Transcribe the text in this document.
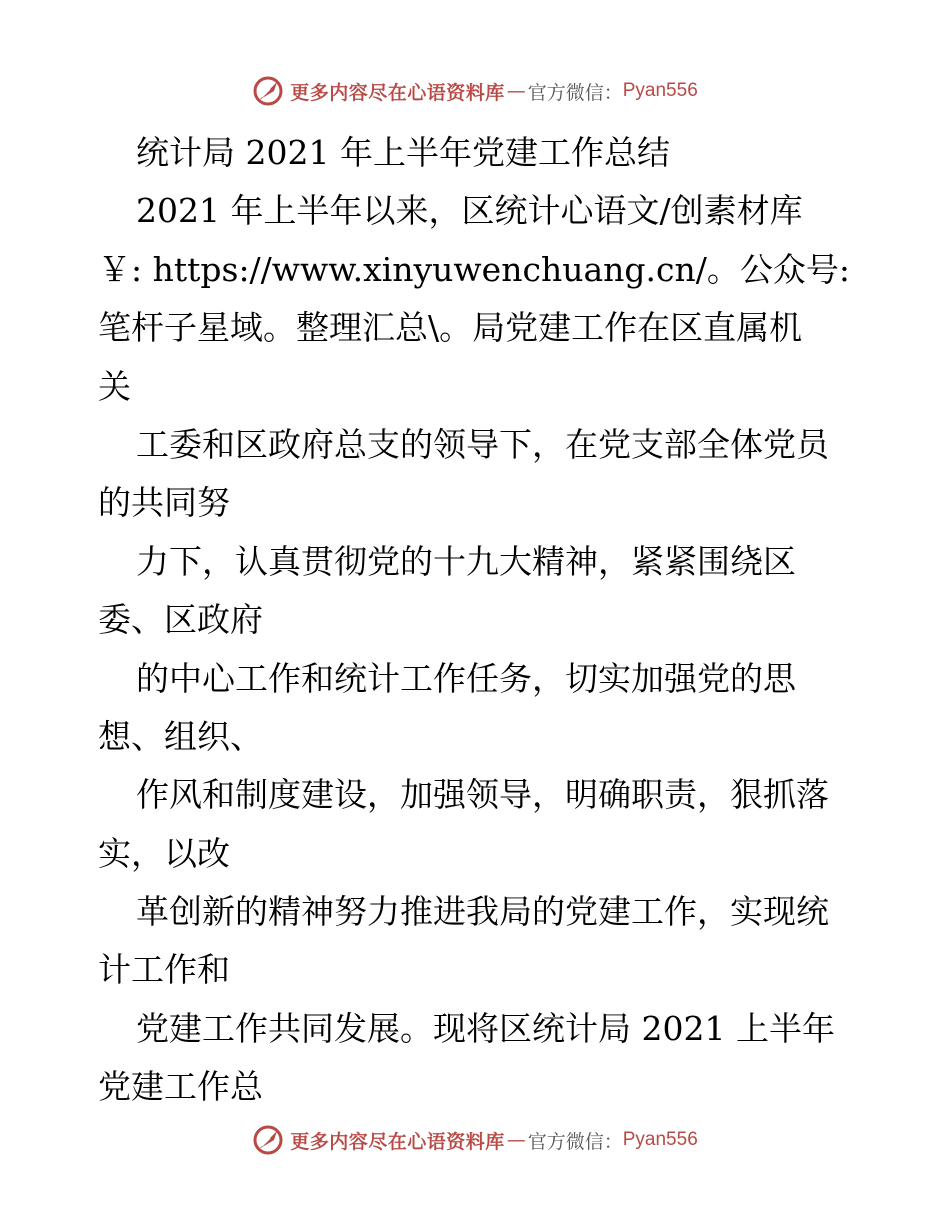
更多内容尽在心语资料库 — 官方微信： Pyan556
统计局 2021 年上半年党建工作总结
2021 年上半年以来，区统计心语文/创素材库
￥: https://www.xinyuwenchuang.cn/。公众号:
笔杆子星域。整理汇总\。局党建工作在区直属机
关
工委和区政府总支的领导下，在党支部全体党员
的共同努
力下，认真贯彻党的十九大精神，紧紧围绕区
委、区政府
的中心工作和统计工作任务，切实加强党的思
想、组织、
作风和制度建设，加强领导，明确职责，狠抓落
实，以改
革创新的精神努力推进我局的党建工作，实现统
计工作和
党建工作共同发展。现将区统计局 2021 上半年
党建工作总
更多内容尽在心语资料库 — 官方微信： Pyan556
